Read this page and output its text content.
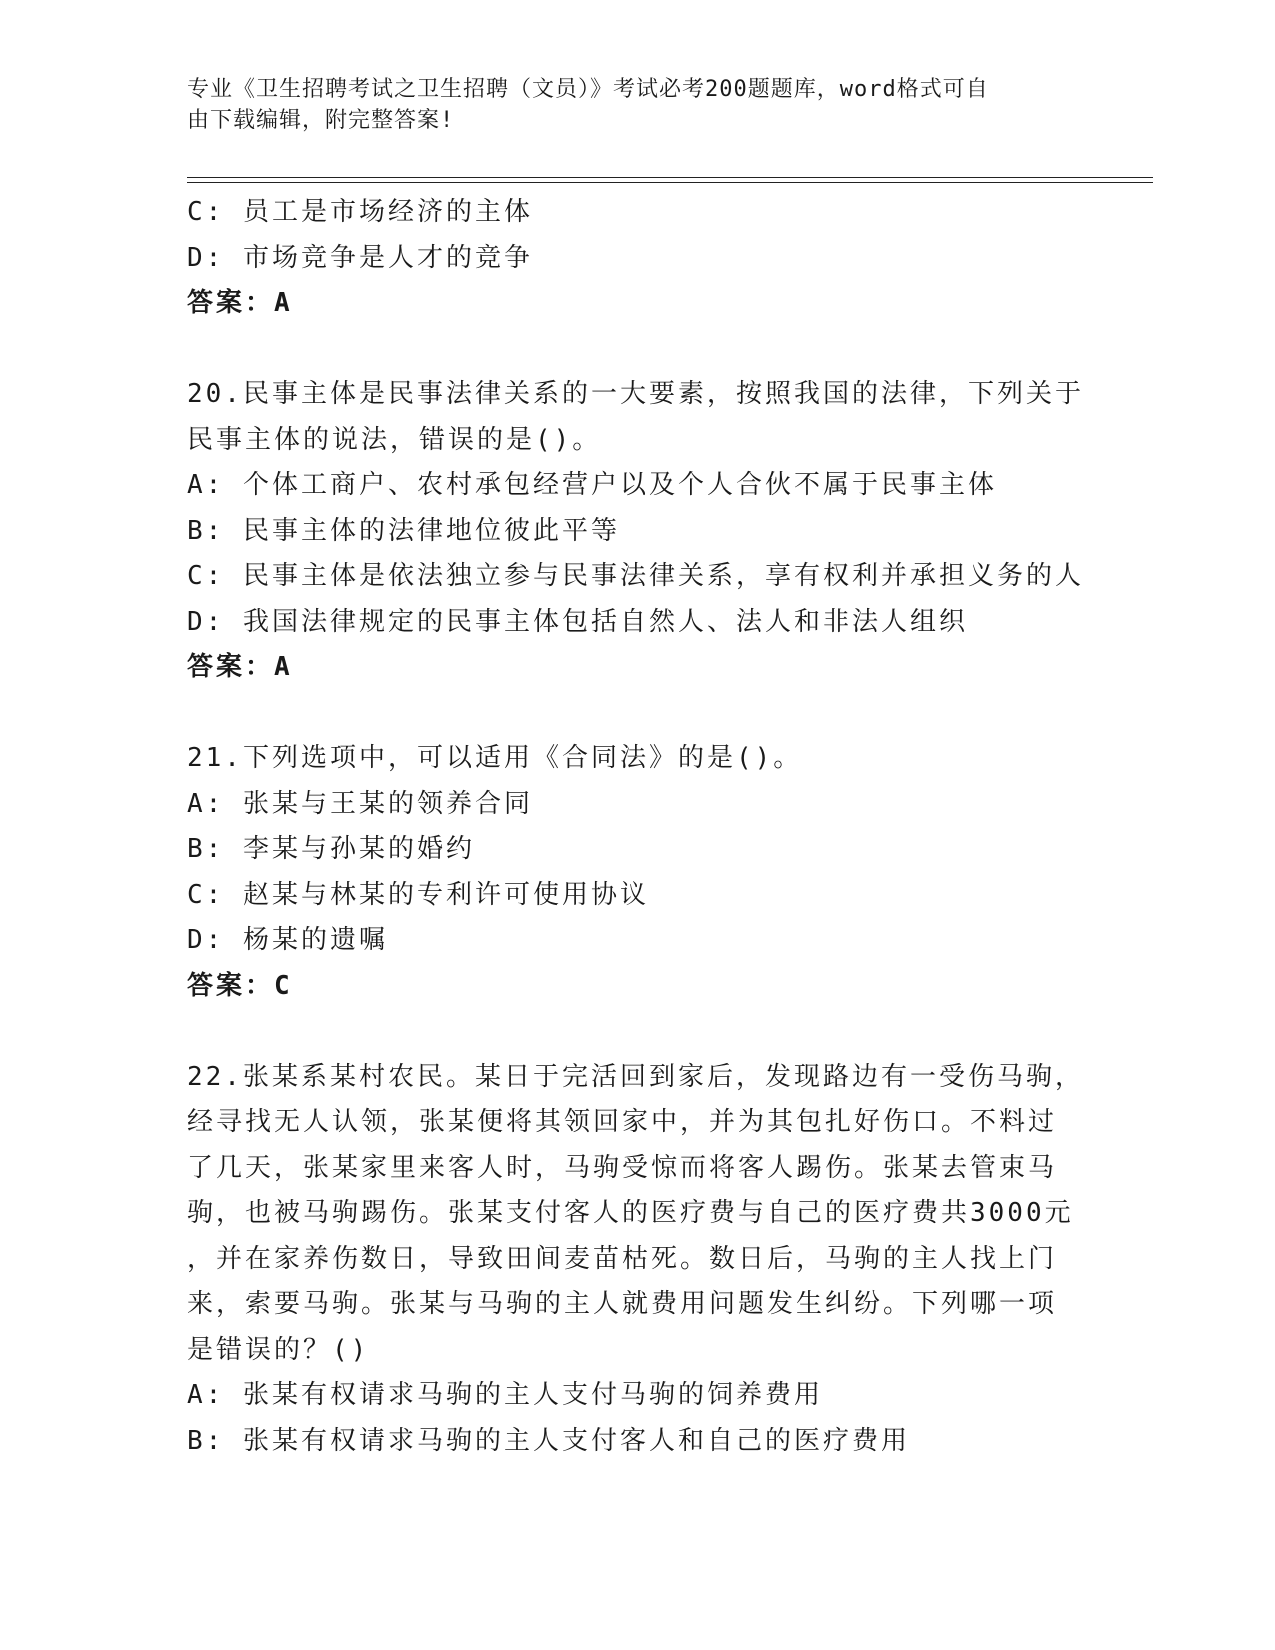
专业《卫生招聘考试之卫生招聘（文员）》考试必考200题题库，word格式可自
由下载编辑，附完整答案!
C: 员工是市场经济的主体
D: 市场竞争是人才的竞争
答案：A
20.民事主体是民事法律关系的一大要素，按照我国的法律，下列关于
民事主体的说法，错误的是()。
A: 个体工商户、农村承包经营户以及个人合伙不属于民事主体
B: 民事主体的法律地位彼此平等
C: 民事主体是依法独立参与民事法律关系，享有权利并承担义务的人
D: 我国法律规定的民事主体包括自然人、法人和非法人组织
答案：A
21.下列选项中，可以适用《合同法》的是()。
A: 张某与王某的领养合同
B: 李某与孙某的婚约
C: 赵某与林某的专利许可使用协议
D: 杨某的遗嘱
答案：C
22.张某系某村农民。某日于完活回到家后，发现路边有一受伤马驹，
经寻找无人认领，张某便将其领回家中，并为其包扎好伤口。不料过
了几天，张某家里来客人时，马驹受惊而将客人踢伤。张某去管束马
驹，也被马驹踢伤。张某支付客人的医疗费与自己的医疗费共3000元
，并在家养伤数日，导致田间麦苗枯死。数日后，马驹的主人找上门
来，索要马驹。张某与马驹的主人就费用问题发生纠纷。下列哪一项
是错误的？()
A: 张某有权请求马驹的主人支付马驹的饲养费用
B: 张某有权请求马驹的主人支付客人和自己的医疗费用
